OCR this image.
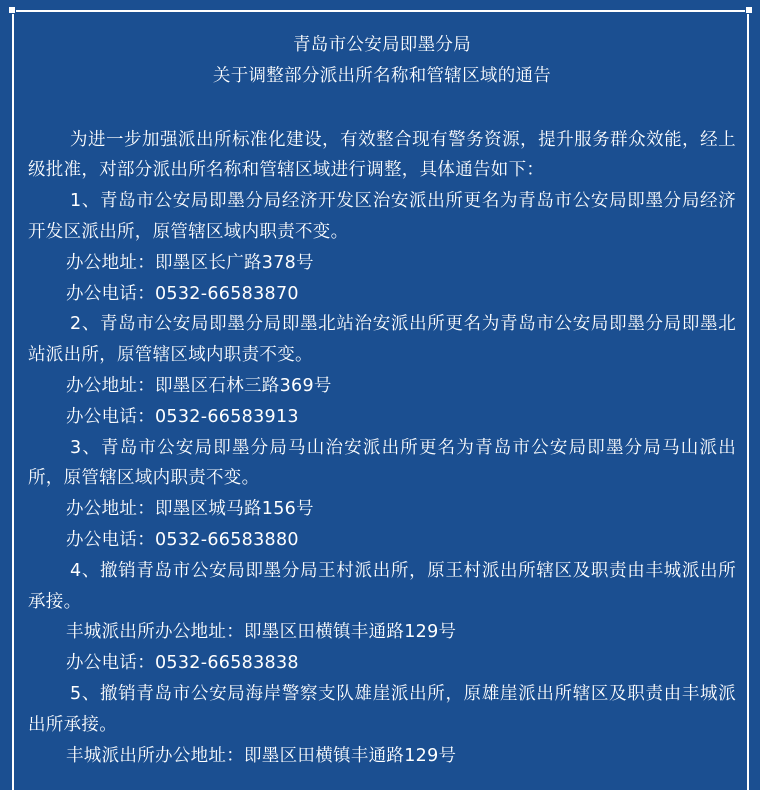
青岛市公安局即墨分局

关于调整部分派出所名称和管辖区域的通告

为进一步加强派出所标准化建设，有效整合现有警务资源，提升服务群众效能，经上级批准，对部分派出所名称和管辖区域进行调整，具体通告如下：

1、青岛市公安局即墨分局经济开发区治安派出所更名为青岛市公安局即墨分局经济开发区派出所，原管辖区域内职责不变。

办公地址：即墨区长广路378号

办公电话：0532-66583870

2、青岛市公安局即墨分局即墨北站治安派出所更名为青岛市公安局即墨分局即墨北站派出所，原管辖区域内职责不变。

办公地址：即墨区石林三路369号

办公电话：0532-66583913

3、青岛市公安局即墨分局马山治安派出所更名为青岛市公安局即墨分局马山派出所，原管辖区域内职责不变。

办公地址：即墨区城马路156号

办公电话：0532-66583880

4、撤销青岛市公安局即墨分局王村派出所，原王村派出所辖区及职责由丰城派出所承接。

丰城派出所办公地址：即墨区田横镇丰通路129号

办公电话：0532-66583838

5、撤销青岛市公安局海岸警察支队雄崖派出所，原雄崖派出所辖区及职责由丰城派出所承接。

丰城派出所办公地址：即墨区田横镇丰通路129号
